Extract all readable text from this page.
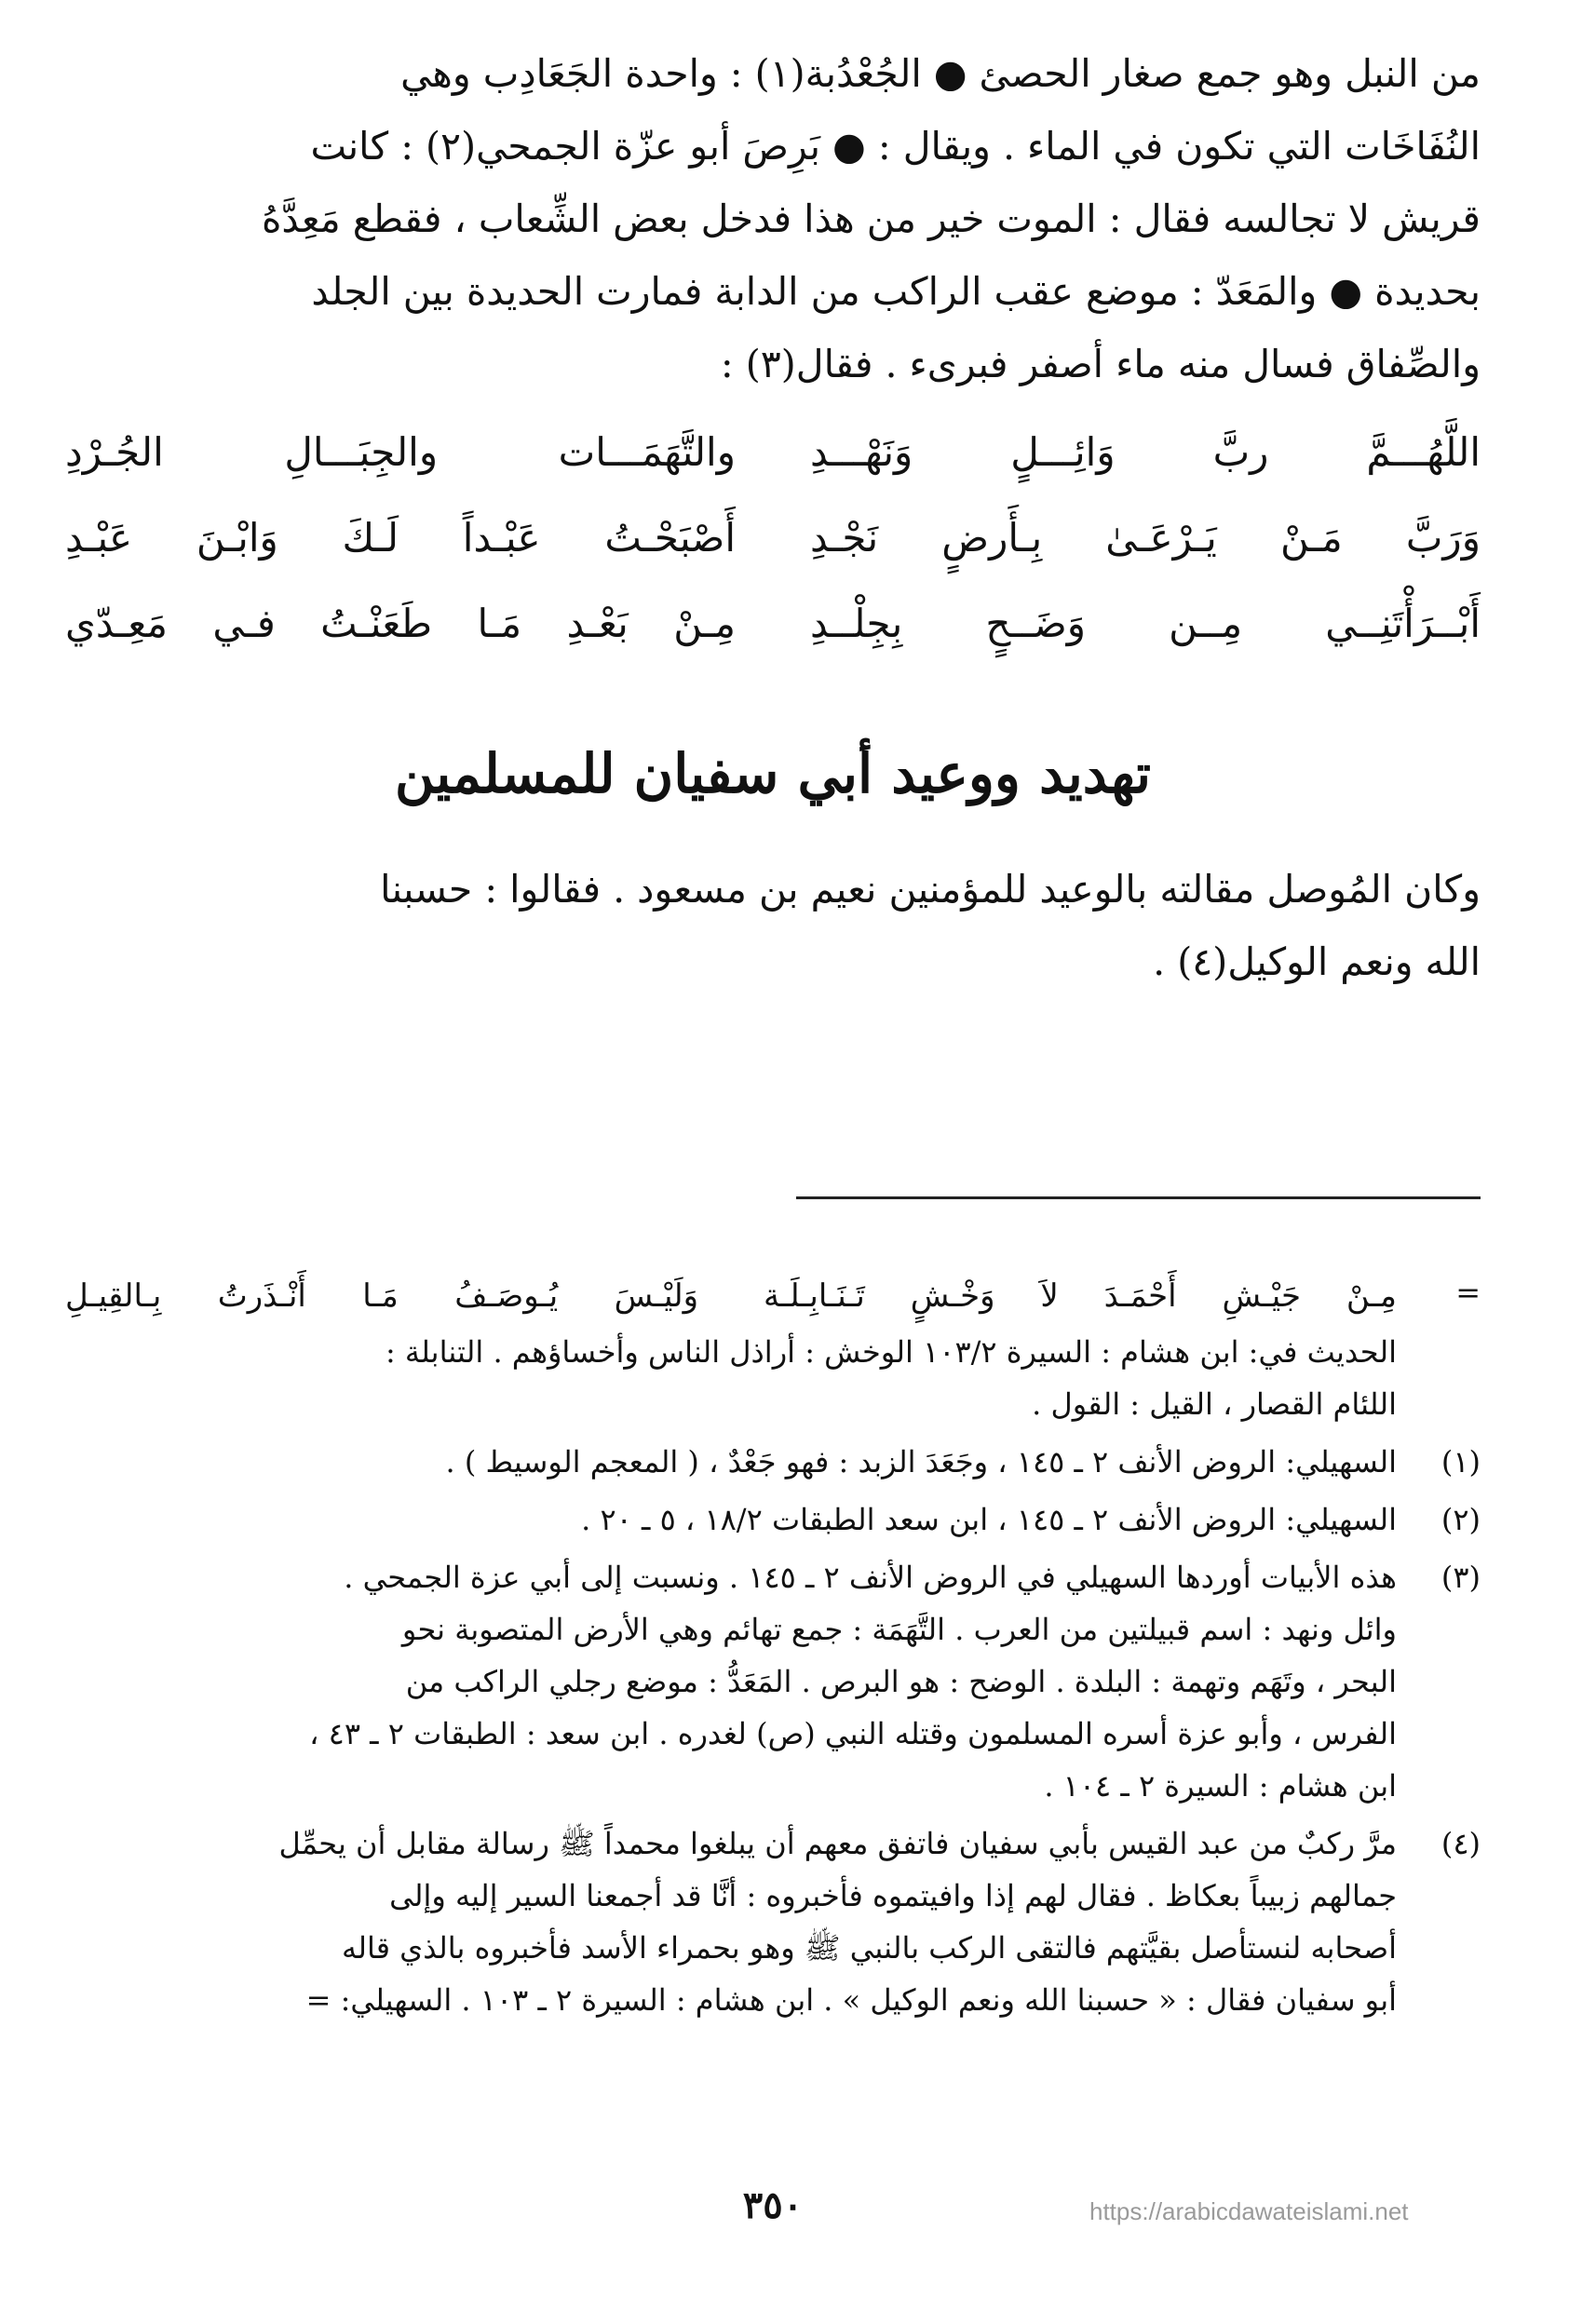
من النبل وهو جمع صغار الحصئ ● الجُعْدُبة(١) : واحدة الجَعَادِب وهي

النُفَاخَات التي تكون في الماء . ويقال : ● بَرِصَ أبو عزّة الجمحي(٢) : كانت

قريش لا تجالسه فقال : الموت خير من هذا فدخل بعض الشِّعاب ، فقطع مَعِدَّهُ

بحديدة ● والمَعَدّ : موضع عقب الراكب من الدابة فمارت الحديدة بين الجلد

والصِّفاق فسال منه ماء أصفر فبرىء . فقال(٣) :

اللَّهُـــمَّ ربَّ وَائِـــلٍ وَنَهْـــدِ
والتَّهَمَـــات والجِبَـــالِ الجُـرْدِ
وَرَبَّ مَـنْ يَـرْعَـىٰ بِـأَرضٍ نَجْـدِ
أَصْبَحْـتُ عَبْـداً لَـكَ وَابْـنَ عَبْـدِ
أَبْــرَأْتَنِــي مِــن وَضَــحٍ بِجِلْــدِ
مِـنْ بَعْـدِ مَـا طَعَنْـتُ فـي مَعِـدّي
تهديد ووعيد أبي سفيان للمسلمين

وكان المُوصل مقالته بالوعيد للمؤمنين نعيم بن مسعود . فقالوا : حسبنا

الله ونعم الوكيل(٤) .

=
مِـنْ جَيْـشِ أَحْمَـدَ لاَ وَخْـشٍ تَـنَـابِـلَـة
وَلَيْـسَ يُـوصَـفُ مَـا أَنْـذَرتُ بِـالقِيـلِ

الحديث في: ابن هشام : السيرة ١٠٣/٢ الوخش : أراذل الناس وأخساؤهم . التنابلة :

اللئام القصار ، القيل : القول .

(١)

السهيلي: الروض الأنف ٢ ـ ١٤٥ ، وجَعَدَ الزبد : فهو جَعْدٌ ، ( المعجم الوسيط ) .

(٢)

السهيلي: الروض الأنف ٢ ـ ١٤٥ ، ابن سعد الطبقات ١٨/٢ ، ٥ ـ ٢٠ .

(٣)

هذه الأبيات أوردها السهيلي في الروض الأنف ٢ ـ ١٤٥ . ونسبت إلى أبي عزة الجمحي .

وائل ونهد : اسم قبيلتين من العرب . التَّهَمَة : جمع تهائم وهي الأرض المتصوبة نحو

البحر ، وتَهَم وتهمة : البلدة . الوضح : هو البرص . المَعَدُّ : موضع رجلي الراكب من

الفرس ، وأبو عزة أسره المسلمون وقتله النبي (ص) لغدره . ابن سعد : الطبقات ٢ ـ ٤٣ ،

ابن هشام : السيرة ٢ ـ ١٠٤ .

(٤)

مرَّ ركبٌ من عبد القيس بأبي سفيان فاتفق معهم أن يبلغوا محمداً ﷺ رسالة مقابل أن يحمِّل

جمالهم زبيباً بعكاظ . فقال لهم إذا وافيتموه فأخبروه : أنَّا قد أجمعنا السير إليه وإلى

أصحابه لنستأصل بقيَّتهم فالتقى الركب بالنبي ﷺ وهو بحمراء الأسد فأخبروه بالذي قاله

أبو سفيان فقال : « حسبنا الله ونعم الوكيل » . ابن هشام : السيرة ٢ ـ ١٠٣ . السهيلي: =

٣٥٠	https://arabicdawateislami.net
